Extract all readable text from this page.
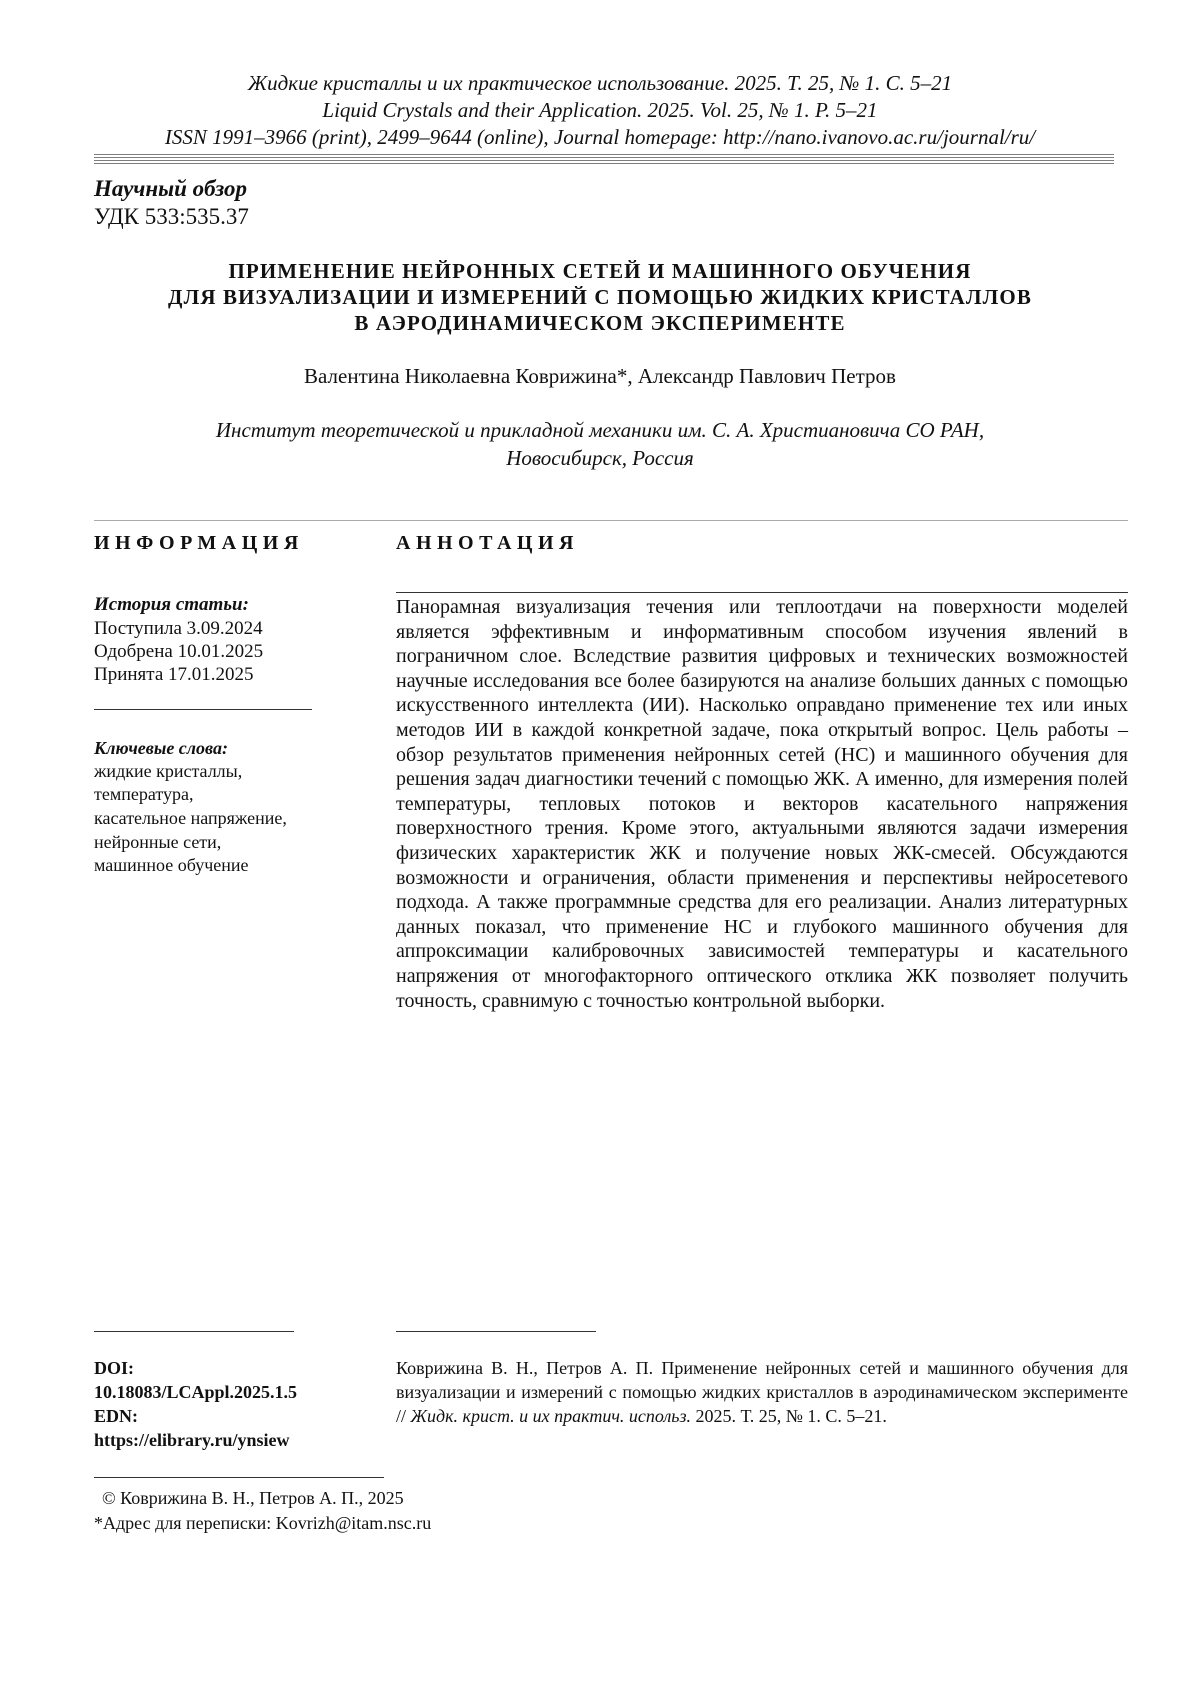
Жидкие кристаллы и их практическое использование. 2025. Т. 25, № 1. С. 5–21
Liquid Crystals and their Application. 2025. Vol. 25, № 1. P. 5–21
ISSN 1991–3966 (print), 2499–9644 (online), Journal homepage: http://nano.ivanovo.ac.ru/journal/ru/
Научный обзор
УДК 533:535.37
ПРИМЕНЕНИЕ НЕЙРОННЫХ СЕТЕЙ И МАШИННОГО ОБУЧЕНИЯ
ДЛЯ ВИЗУАЛИЗАЦИИ И ИЗМЕРЕНИЙ С ПОМОЩЬЮ ЖИДКИХ КРИСТАЛЛОВ
В АЭРОДИНАМИЧЕСКОМ ЭКСПЕРИМЕНТЕ
Валентина Николаевна Коврижина*, Александр Павлович Петров
Институт теоретической и прикладной механики им. С. А. Христиановича СО РАН,
Новосибирск, Россия
ИНФОРМАЦИЯ	АННОТАЦИЯ
История статьи:
Поступила 3.09.2024
Одобрена 10.01.2025
Принята 17.01.2025
Ключевые слова:
жидкие кристаллы,
температура,
касательное напряжение,
нейронные сети,
машинное обучение
Панорамная визуализация течения или теплоотдачи на поверхности моделей является эффективным и информативным способом изучения явлений в пограничном слое. Вследствие развития цифровых и технических возможностей научные исследования все более базируются на анализе больших данных с помощью искусственного интеллекта (ИИ). Насколько оправдано применение тех или иных методов ИИ в каждой конкретной задаче, пока открытый вопрос. Цель работы – обзор результатов применения нейронных сетей (НС) и машинного обучения для решения задач диагностики течений с помощью ЖК. А именно, для измерения полей температуры, тепловых потоков и векторов касательного напряжения поверхностного трения. Кроме этого, актуальными являются задачи измерения физических характеристик ЖК и получение новых ЖК-смесей. Обсуждаются возможности и ограничения, области применения и перспективы нейросетевого подхода. А также программные средства для его реализации. Анализ литературных данных показал, что применение НС и глубокого машинного обучения для аппроксимации калибровочных зависимостей температуры и касательного напряжения от многофакторного оптического отклика ЖК позволяет получить точность, сравнимую с точностью контрольной выборки.
DOI:
10.18083/LCAppl.2025.1.5
EDN:
https://elibrary.ru/ynsiew
Коврижина В. Н., Петров А. П. Применение нейронных сетей и машинного обучения для визуализации и измерений с помощью жидких кристаллов в аэродинамическом эксперименте // Жидк. крист. и их практич. использ. 2025. Т. 25, № 1. С. 5–21.
© Коврижина В. Н., Петров А. П., 2025
*Адрес для переписки: Kovrizh@itam.nsc.ru
